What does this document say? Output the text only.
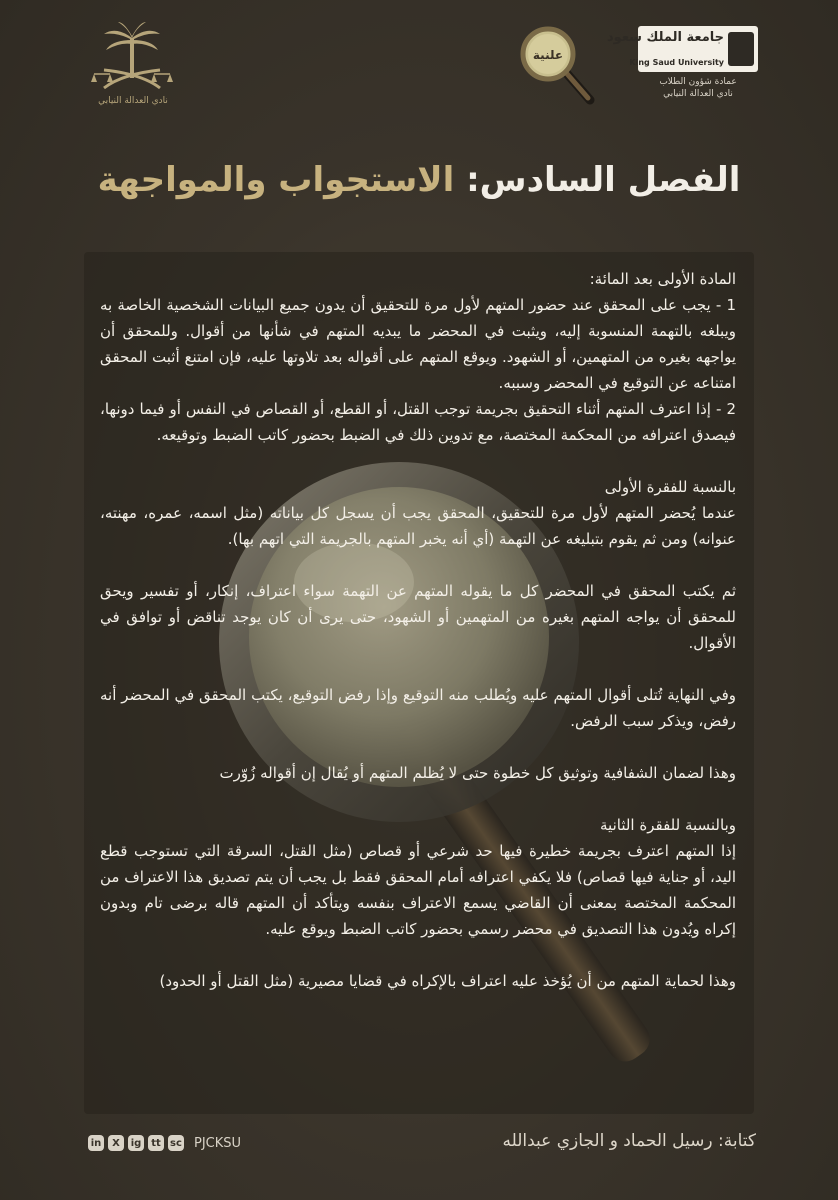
جامعة الملك سعود
King Saud University
عمادة شؤون الطلاب
نادي العدالة النيابي
علنية
نادي العدالة النيابي
الفصل السادس: الاستجواب والمواجهة

المادة الأولى بعد المائة:

1 - يجب على المحقق عند حضور المتهم لأول مرة للتحقيق أن يدون جميع البيانات الشخصية الخاصة به ويبلغه بالتهمة المنسوبة إليه، ويثبت في المحضر ما يبديه المتهم في شأنها من أقوال. وللمحقق أن يواجهه بغيره من المتهمين، أو الشهود. ويوقع المتهم على أقواله بعد تلاوتها عليه، فإن امتنع أثبت المحقق امتناعه عن التوقيع في المحضر وسببه.

2 - إذا اعترف المتهم أثناء التحقيق بجريمة توجب القتل، أو القطع، أو القصاص في النفس أو فيما دونها، فيصدق اعترافه من المحكمة المختصة، مع تدوين ذلك في الضبط بحضور كاتب الضبط وتوقيعه.

بالنسبة للفقرة الأولى

عندما يُحضر المتهم لأول مرة للتحقيق، المحقق يجب أن يسجل كل بياناته (مثل اسمه، عمره، مهنته، عنوانه) ومن ثم يقوم بتبليغه عن التهمة (أي أنه يخبر المتهم بالجريمة التي اتهم بها).

ثم يكتب المحقق في المحضر كل ما يقوله المتهم عن التهمة سواء اعتراف، إنكار، أو تفسير ويحق للمحقق أن يواجه المتهم بغيره من المتهمين أو الشهود، حتى يرى أن كان يوجد تناقض أو توافق في الأقوال.

وفي النهاية تُتلى أقوال المتهم عليه ويُطلب منه التوقيع وإذا رفض التوقيع، يكتب المحقق في المحضر أنه رفض، ويذكر سبب الرفض.

وهذا لضمان الشفافية وتوثيق كل خطوة حتى لا يُظلم المتهم أو يُقال إن أقواله زُوّرت

وبالنسبة للفقرة الثانية

إذا المتهم اعترف بجريمة خطيرة فيها حد شرعي أو قصاص (مثل القتل، السرقة التي تستوجب قطع اليد، أو جناية فيها قصاص) فلا يكفي اعترافه أمام المحقق فقط بل يجب أن يتم تصديق هذا الاعتراف من المحكمة المختصة بمعنى أن القاضي يسمع الاعتراف بنفسه ويتأكد أن المتهم قاله برضى تام وبدون إكراه ويُدون هذا التصديق في محضر رسمي بحضور كاتب الضبط ويوقع عليه.

وهذا لحماية المتهم من أن يُؤخذ عليه اعتراف بالإكراه في قضايا مصيرية (مثل القتل أو الحدود)

كتابة: رسيل الحماد و الجازي عبدالله
in	X	ig tt sc PJCKSU
